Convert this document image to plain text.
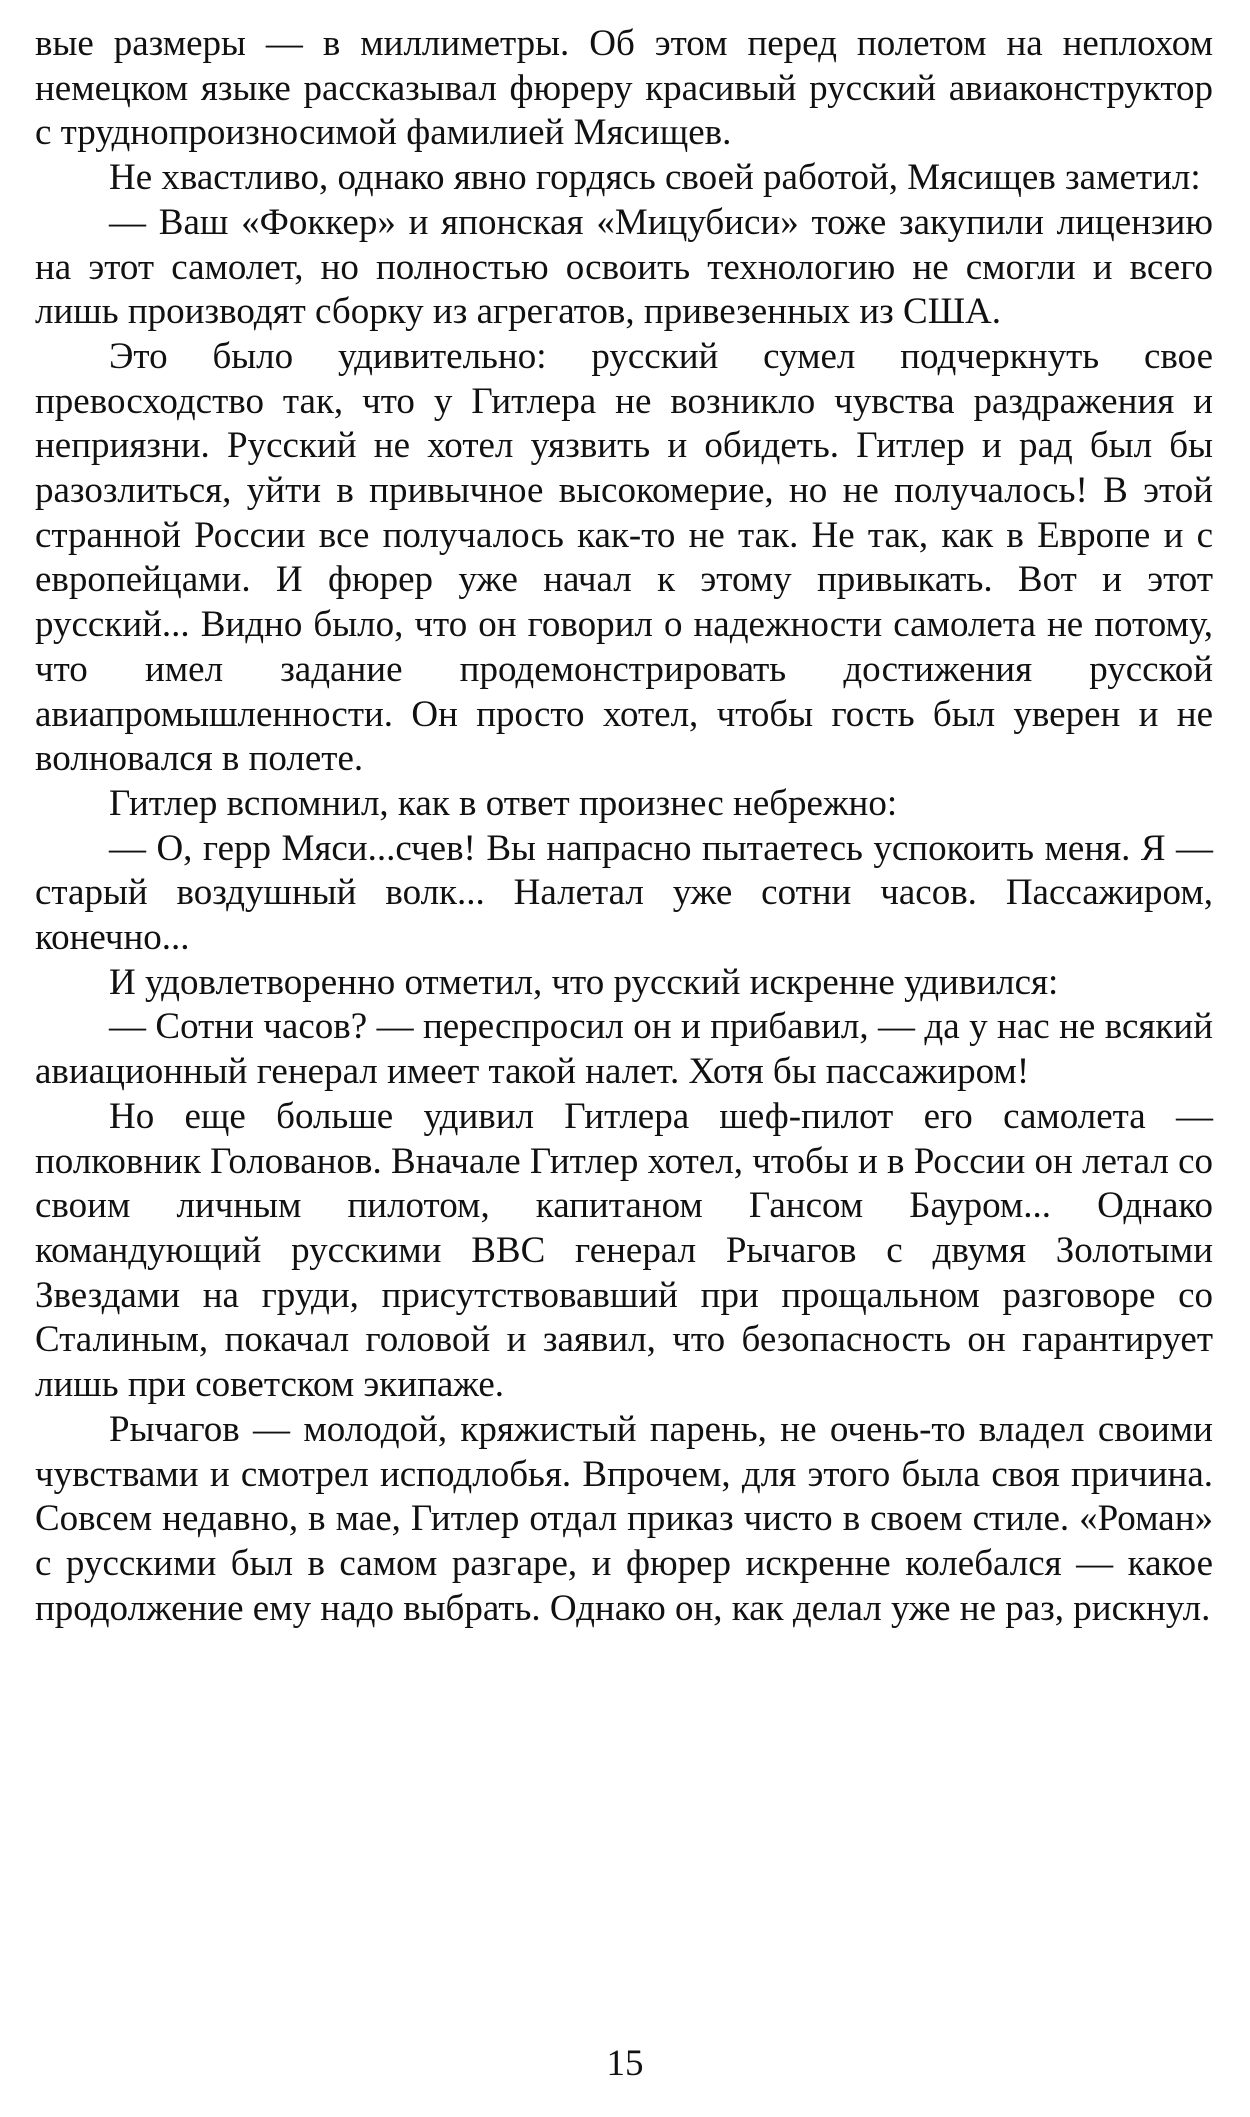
вые размеры — в миллиметры. Об этом перед полетом на неплохом немецком языке рассказывал фюреру красивый русский авиаконструктор с труднопроизносимой фамилией Мясищев.

Не хвастливо, однако явно гордясь своей работой, Мясищев заметил:

— Ваш «Фоккер» и японская «Мицубиси» тоже закупили лицензию на этот самолет, но полностью освоить технологию не смогли и всего лишь производят сборку из агрегатов, привезенных из США.

Это было удивительно: русский сумел подчеркнуть свое превосходство так, что у Гитлера не возникло чувства раздражения и неприязни. Русский не хотел уязвить и обидеть. Гитлер и рад был бы разозлиться, уйти в привычное высокомерие, но не получалось! В этой странной России все получалось как-то не так. Не так, как в Европе и с европейцами. И фюрер уже начал к этому привыкать. Вот и этот русский... Видно было, что он говорил о надежности самолета не потому, что имел задание продемонстрировать достижения русской авиапромышленности. Он просто хотел, чтобы гость был уверен и не волновался в полете.

Гитлер вспомнил, как в ответ произнес небрежно:

— О, герр Мяси...счев! Вы напрасно пытаетесь успокоить меня. Я — старый воздушный волк... Налетал уже сотни часов. Пассажиром, конечно...

И удовлетворенно отметил, что русский искренне удивился:

— Сотни часов? — переспросил он и прибавил, — да у нас не всякий авиационный генерал имеет такой налет. Хотя бы пассажиром!

Но еще больше удивил Гитлера шеф-пилот его самолета — полковник Голованов. Вначале Гитлер хотел, чтобы и в России он летал со своим личным пилотом, капитаном Гансом Бауром... Однако командующий русскими ВВС генерал Рычагов с двумя Золотыми Звездами на груди, присутствовавший при прощальном разговоре со Сталиным, покачал головой и заявил, что безопасность он гарантирует лишь при советском экипаже.

Рычагов — молодой, кряжистый парень, не очень-то владел своими чувствами и смотрел исподлобья. Впрочем, для этого была своя причина. Совсем недавно, в мае, Гитлер отдал приказ чисто в своем стиле. «Роман» с русскими был в самом разгаре, и фюрер искренне колебался — какое продолжение ему надо выбрать. Однако он, как делал уже не раз, рискнул.

15
